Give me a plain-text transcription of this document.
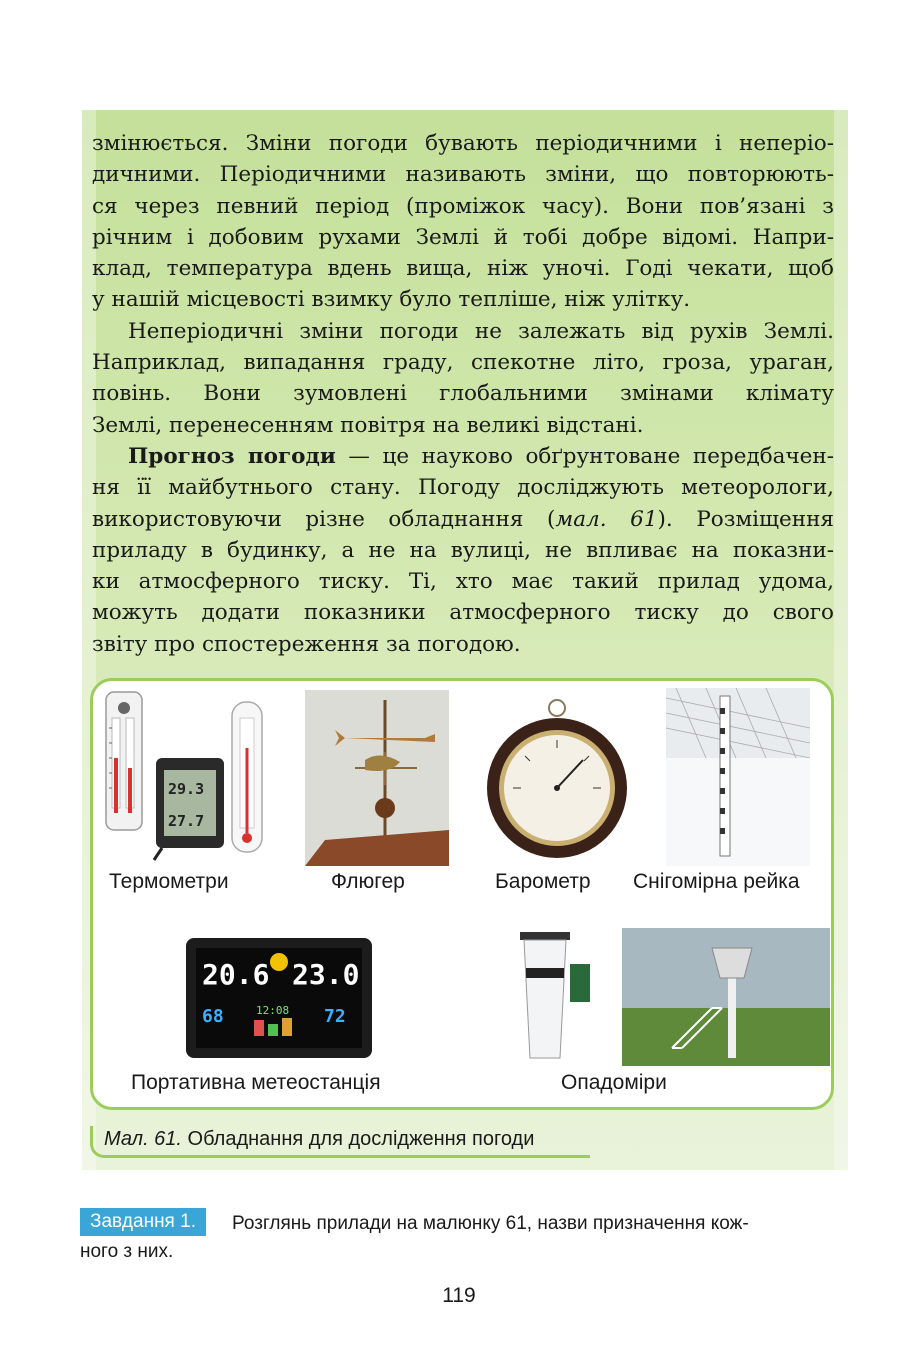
змінюється. Зміни погоди бувають періодичними і неперіо-
дичними. Періодичними називають зміни, що повторюють-
ся через певний період (проміжок часу). Вони пов’язані з
річним і добовим рухами Землі й тобі добре відомі. Напри-
клад, температура вдень вища, ніж уночі. Годі чекати, щоб
у нашій місцевості взимку було тепліше, ніж улітку.

Неперіодичні зміни погоди не залежать від рухів Землі.
Наприклад, випадання граду, спекотне літо, гроза, ураган,
повінь. Вони зумовлені глобальними змінами клімату
Землі, перенесенням повітря на великі відстані.

Прогноз погоди — це науково обґрунтоване передбачен-
ня її майбутнього стану. Погоду досліджують метеорологи,
використовуючи різне обладнання (мал. 61). Розміщення
приладу в будинку, а не на вулиці, не впливає на показни-
ки атмосферного тиску. Ті, хто має такий прилад удома,
можуть додати показники атмосферного тиску до свого
звіту про спостереження за погодою.

29.3
27.7
20.6 23.0
68	12:08 72
Термометри	Флюгер	Барометр Снігомірна рейка
Портативна метеостанція	Опадоміри
Мал. 61. Обладнання для дослідження погоди
Розглянь прилади на малюнку 61, назви призначення кож-
ного з них.
Завдання 1.
119
